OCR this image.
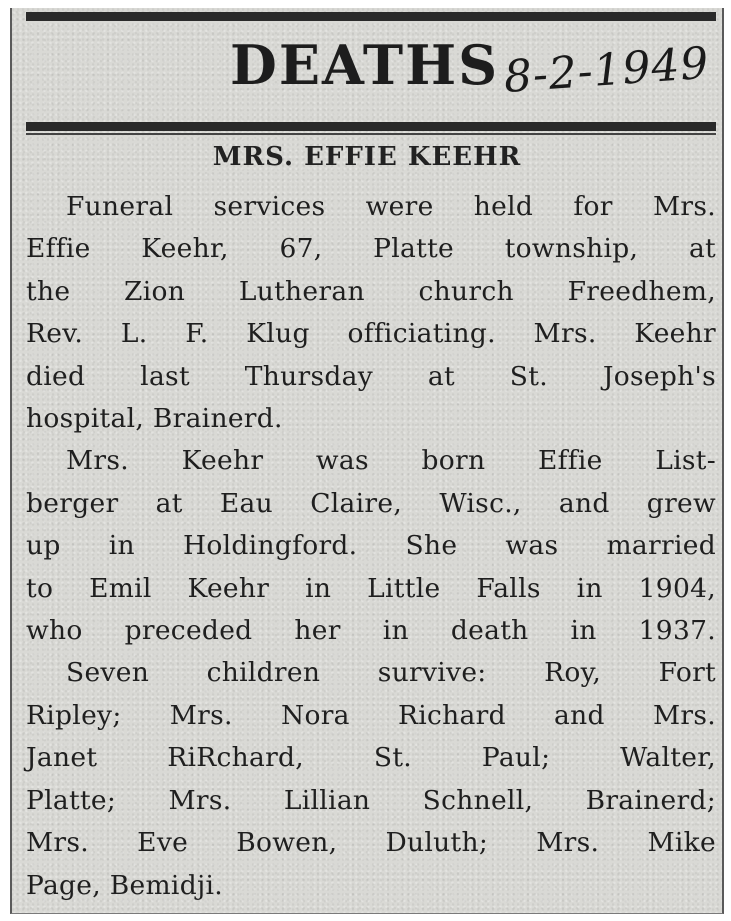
DEATHS 8-2-1949
MRS. EFFIE KEEHR
Funeral services were held for Mrs.
Effie Keehr, 67, Platte township, at
the Zion Lutheran church Freedhem,
Rev. L. F. Klug officiating. Mrs. Keehr
died last Thursday at St. Joseph's
hospital, Brainerd.
Mrs. Keehr was born Effie List-
berger at Eau Claire, Wisc., and grew
up in Holdingford. She was married
to Emil Keehr in Little Falls in 1904,
who preceded her in death in 1937.
Seven children survive: Roy, Fort
Ripley; Mrs. Nora Richard and Mrs.
Janet RiRchard, St. Paul; Walter,
Platte; Mrs. Lillian Schnell, Brainerd;
Mrs. Eve Bowen, Duluth; Mrs. Mike
Page, Bemidji.
